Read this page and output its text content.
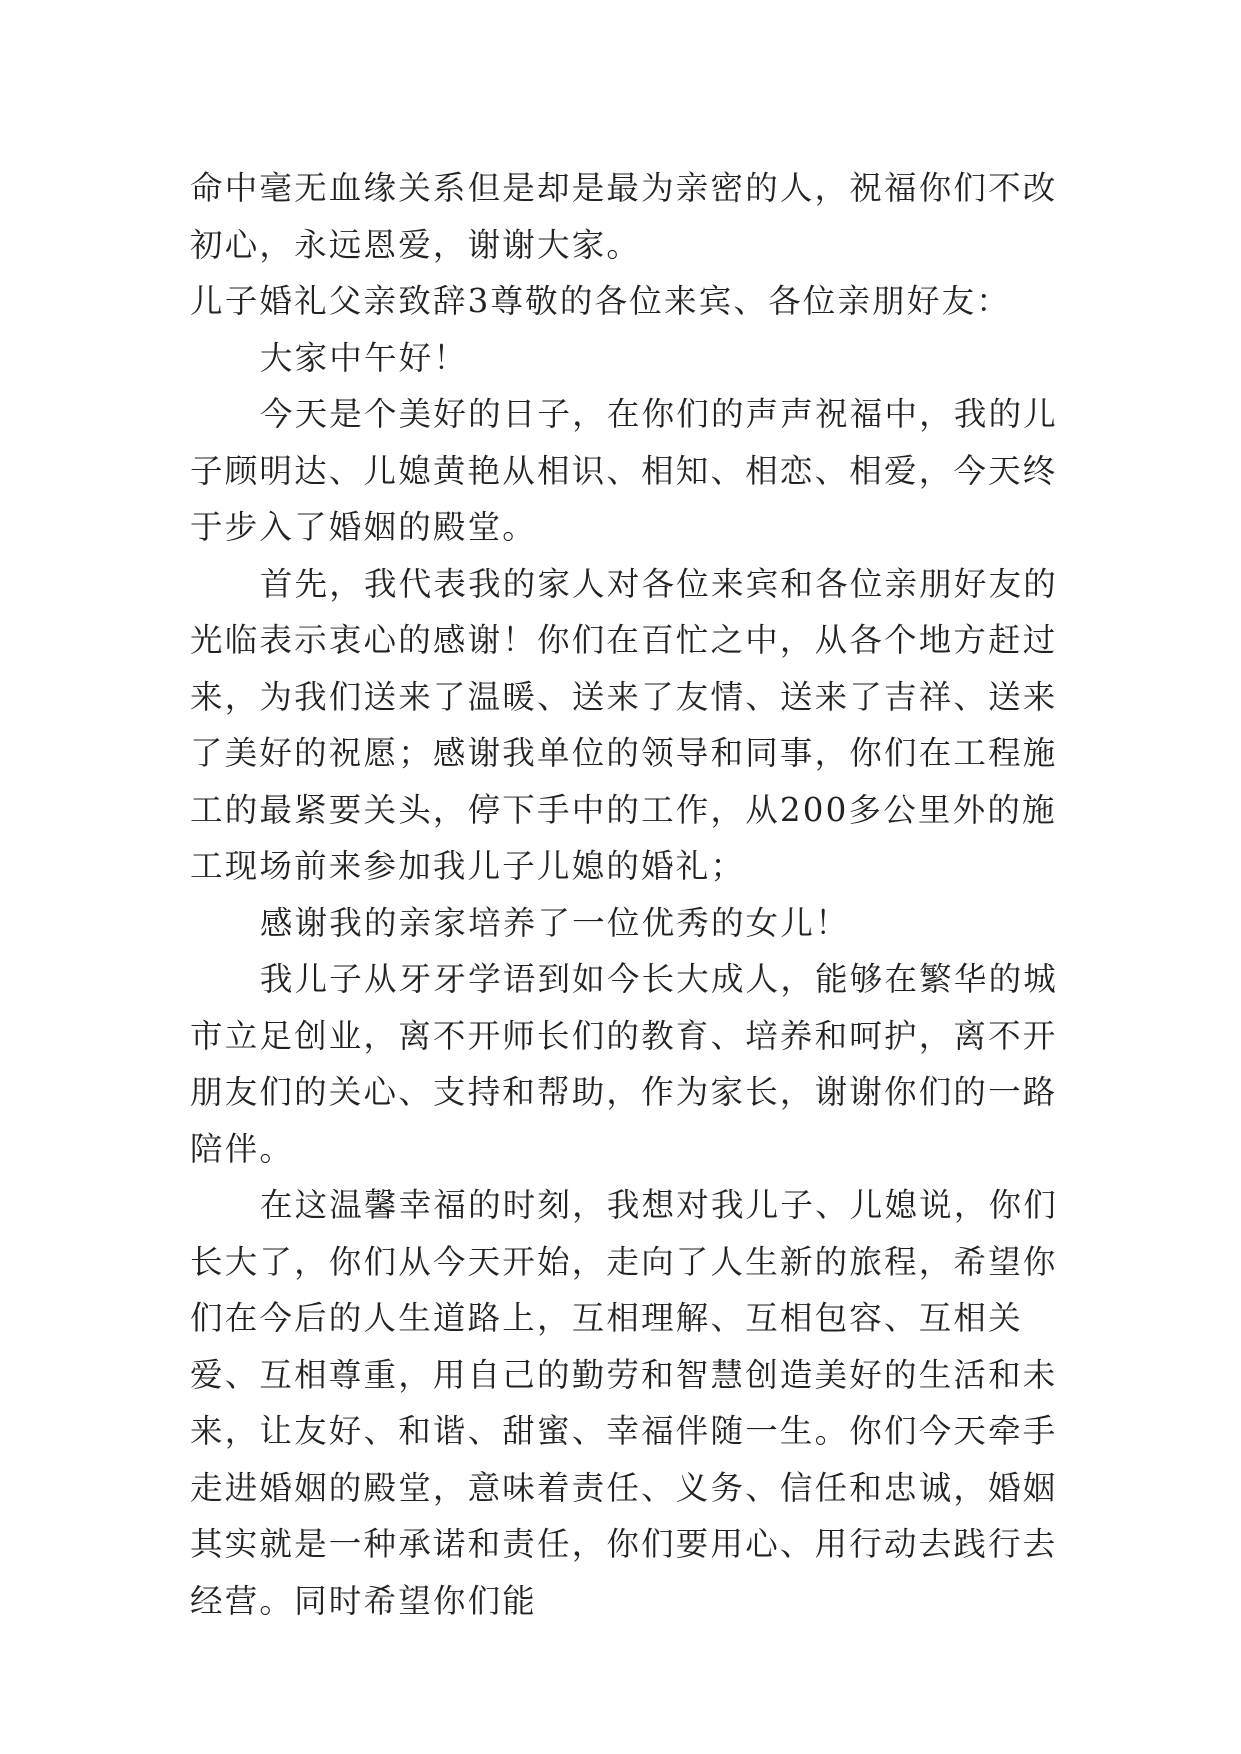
命中毫无血缘关系但是却是最为亲密的人，祝福你们不改初心，永远恩爱，谢谢大家。

儿子婚礼父亲致辞3尊敬的各位来宾、各位亲朋好友：

大家中午好！

今天是个美好的日子，在你们的声声祝福中，我的儿子顾明达、儿媳黄艳从相识、相知、相恋、相爱，今天终于步入了婚姻的殿堂。

首先，我代表我的家人对各位来宾和各位亲朋好友的光临表示衷心的感谢！你们在百忙之中，从各个地方赶过来，为我们送来了温暖、送来了友情、送来了吉祥、送来了美好的祝愿；感谢我单位的领导和同事，你们在工程施工的最紧要关头，停下手中的工作，从200多公里外的施工现场前来参加我儿子儿媳的婚礼；

感谢我的亲家培养了一位优秀的女儿！

我儿子从牙牙学语到如今长大成人，能够在繁华的城市立足创业，离不开师长们的教育、培养和呵护，离不开朋友们的关心、支持和帮助，作为家长，谢谢你们的一路陪伴。

在这温馨幸福的时刻，我想对我儿子、儿媳说，你们长大了，你们从今天开始，走向了人生新的旅程，希望你们在今后的人生道路上，互相理解、互相包容、互相关爱、互相尊重，用自己的勤劳和智慧创造美好的生活和未来，让友好、和谐、甜蜜、幸福伴随一生。你们今天牵手走进婚姻的殿堂，意味着责任、义务、信任和忠诚，婚姻其实就是一种承诺和责任，你们要用心、用行动去践行去经营。同时希望你们能
